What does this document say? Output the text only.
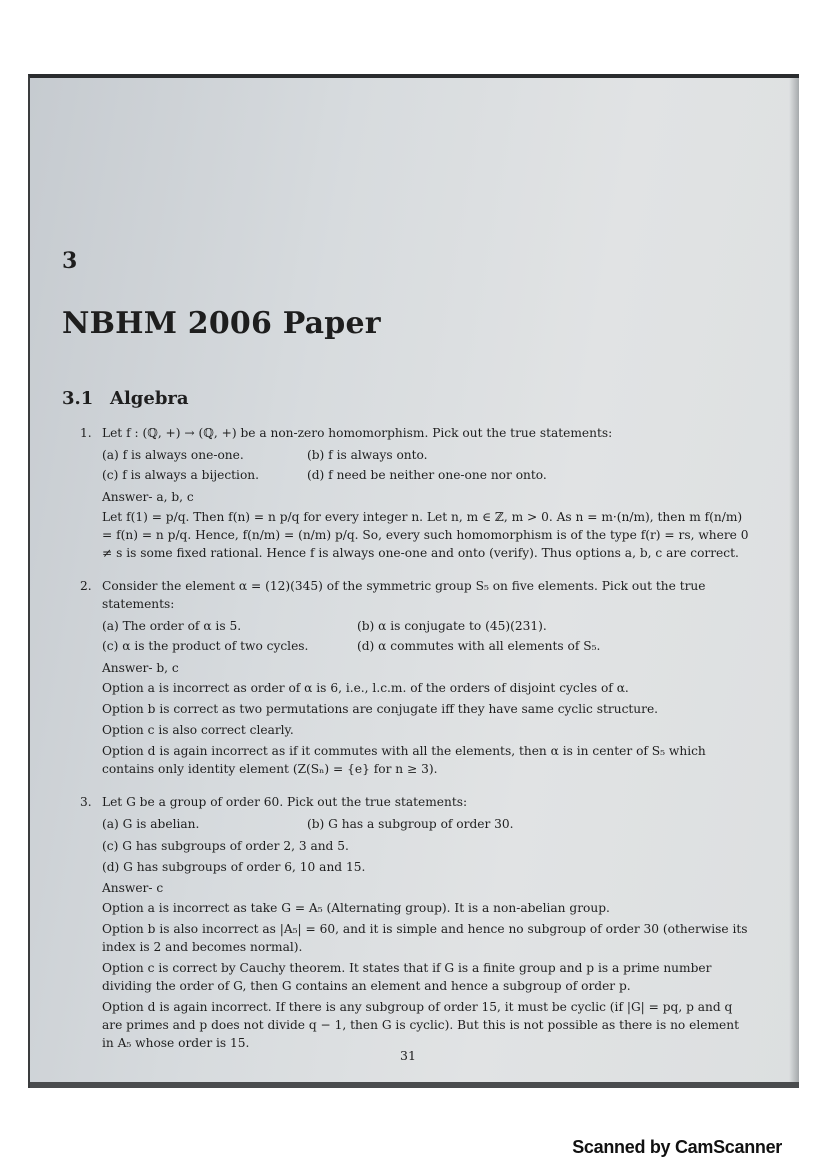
3
NBHM 2006 Paper
3.1 Algebra
1. Let f : (ℚ, +) → (ℚ, +) be a non-zero homomorphism. Pick out the true statements:
(a) f is always one-one.	(b) f is always onto.
(c) f is always a bijection.	(d) f need be neither one-one nor onto.
Answer- a, b, c
Let f(1) = p/q. Then f(n) = n p/q for every integer n. Let n, m ∈ ℤ, m > 0. As n = m·(n/m), then m f(n/m) = f(n) = n p/q. Hence, f(n/m) = (n/m) p/q. So, every such homomorphism is of the type f(r) = rs, where 0 ≠ s is some fixed rational. Hence f is always one-one and onto (verify). Thus options a, b, c are correct.
2. Consider the element α = (12)(345) of the symmetric group S₅ on five elements. Pick out the true statements:
(a) The order of α is 5.	(b) α is conjugate to (45)(231).
(c) α is the product of two cycles.	(d) α commutes with all elements of S₅.
Answer- b, c
Option a is incorrect as order of α is 6, i.e., l.c.m. of the orders of disjoint cycles of α.
Option b is correct as two permutations are conjugate iff they have same cyclic structure.
Option c is also correct clearly.
Option d is again incorrect as if it commutes with all the elements, then α is in center of S₅ which contains only identity element (Z(Sₙ) = {e} for n ≥ 3).
3. Let G be a group of order 60. Pick out the true statements:
(a) G is abelian.	(b) G has a subgroup of order 30.
(c) G has subgroups of order 2, 3 and 5.
(d) G has subgroups of order 6, 10 and 15.
Answer- c
Option a is incorrect as take G = A₅ (Alternating group). It is a non-abelian group.
Option b is also incorrect as |A₅| = 60, and it is simple and hence no subgroup of order 30 (otherwise its index is 2 and becomes normal).
Option c is correct by Cauchy theorem. It states that if G is a finite group and p is a prime number dividing the order of G, then G contains an element and hence a subgroup of order p.
Option d is again incorrect. If there is any subgroup of order 15, it must be cyclic (if |G| = pq, p and q are primes and p does not divide q − 1, then G is cyclic). But this is not possible as there is no element in A₅ whose order is 15.
31
Scanned by CamScanner
